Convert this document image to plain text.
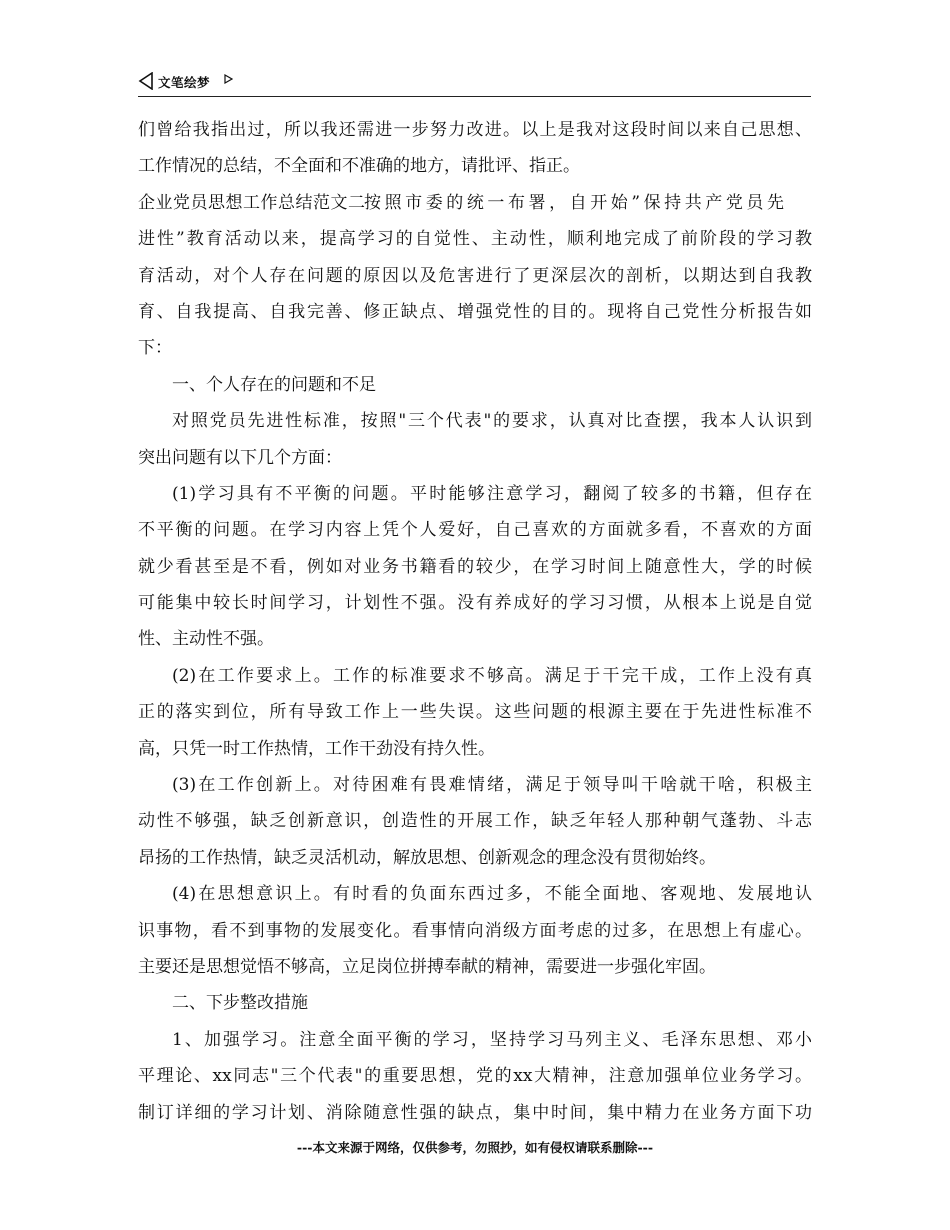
文笔绘梦
们曾给我指出过，所以我还需进一步努力改进。以上是我对这段时间以来自己思想、
工作情况的总结，不全面和不准确的地方，请批评、指正。
企业党员思想工作总结范文二按照市委的统一布署，自开始”保持共产党员先
进性”教育活动以来，提高学习的自觉性、主动性，顺利地完成了前阶段的学习教
育活动，对个人存在问题的原因以及危害进行了更深层次的剖析，以期达到自我教
育、自我提高、自我完善、修正缺点、增强党性的目的。现将自己党性分析报告如
下：
一、个人存在的问题和不足
对照党员先进性标准，按照"三个代表"的要求，认真对比查摆，我本人认识到
突出问题有以下几个方面：
(1)学习具有不平衡的问题。平时能够注意学习，翻阅了较多的书籍，但存在
不平衡的问题。在学习内容上凭个人爱好，自己喜欢的方面就多看，不喜欢的方面
就少看甚至是不看，例如对业务书籍看的较少，在学习时间上随意性大，学的时候
可能集中较长时间学习，计划性不强。没有养成好的学习习惯，从根本上说是自觉
性、主动性不强。
(2)在工作要求上。工作的标准要求不够高。满足于干完干成，工作上没有真
正的落实到位，所有导致工作上一些失误。这些问题的根源主要在于先进性标准不
高，只凭一时工作热情，工作干劲没有持久性。
(3)在工作创新上。对待困难有畏难情绪，满足于领导叫干啥就干啥，积极主
动性不够强，缺乏创新意识，创造性的开展工作，缺乏年轻人那种朝气蓬勃、斗志
昂扬的工作热情，缺乏灵活机动，解放思想、创新观念的理念没有贯彻始终。
(4)在思想意识上。有时看的负面东西过多，不能全面地、客观地、发展地认
识事物，看不到事物的发展变化。看事情向消级方面考虑的过多，在思想上有虚心。
主要还是思想觉悟不够高，立足岗位拼搏奉献的精神，需要进一步强化牢固。
二、下步整改措施
1、加强学习。注意全面平衡的学习，坚持学习马列主义、毛泽东思想、邓小
平理论、xx同志"三个代表"的重要思想，党的xx大精神，注意加强单位业务学习。
制订详细的学习计划、消除随意性强的缺点，集中时间，集中精力在业务方面下功
---本文来源于网络，仅供参考，勿照抄，如有侵权请联系删除---
